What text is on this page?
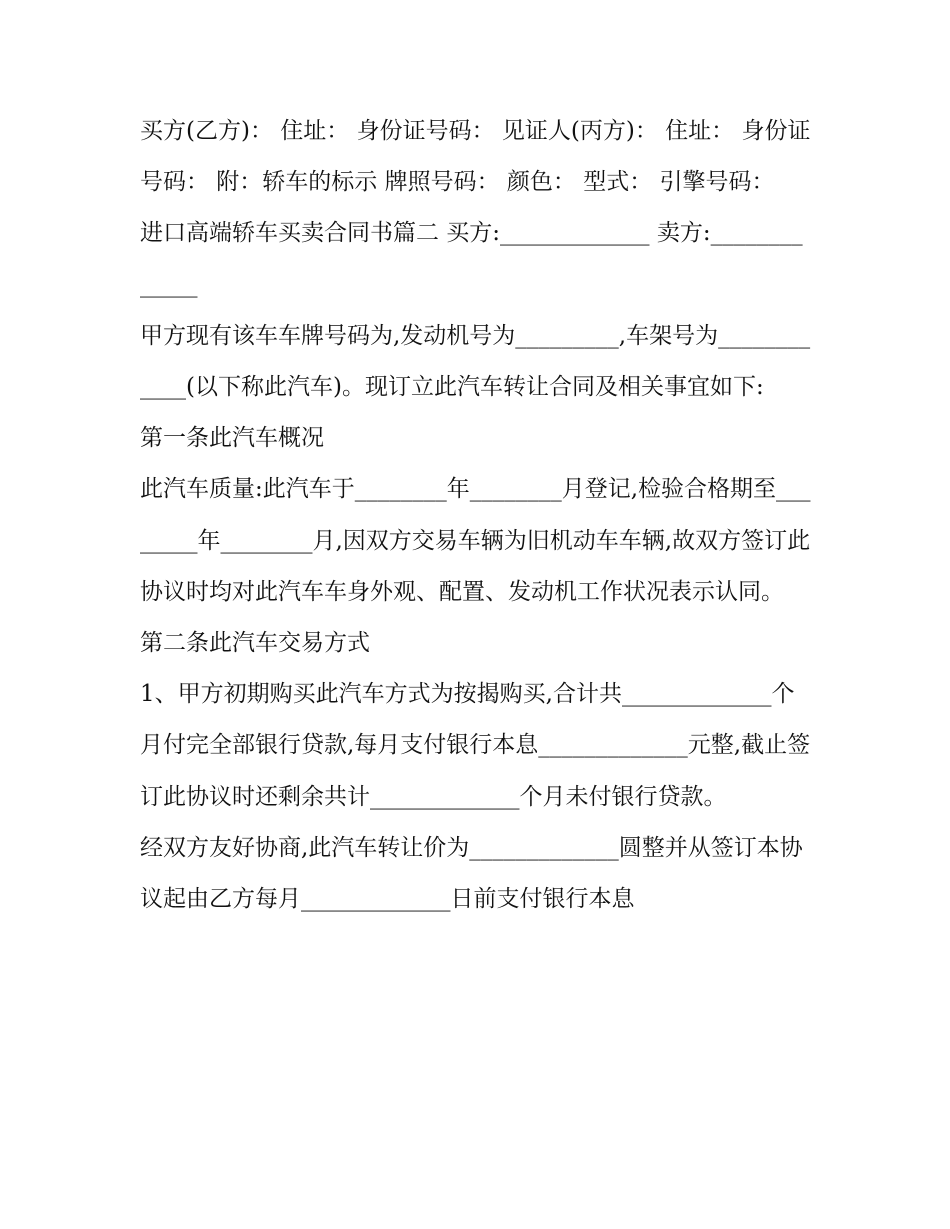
买方(乙方)： 住址： 身份证号码： 见证人(丙方)： 住址： 身份证号码： 附：轿车的标示 牌照号码： 颜色： 型式： 引擎号码：

进口高端轿车买卖合同书篇二 买方:_____________ 卖方:_____________

甲方现有该车车牌号码为,发动机号为_________,车架号为____________(以下称此汽车)。现订立此汽车转让合同及相关事宜如下:

第一条此汽车概况

此汽车质量:此汽车于________年________月登记,检验合格期至________年________月,因双方交易车辆为旧机动车车辆,故双方签订此协议时均对此汽车车身外观、配置、发动机工作状况表示认同。

第二条此汽车交易方式

1、甲方初期购买此汽车方式为按揭购买,合计共_____________个月付完全部银行贷款,每月支付银行本息_____________元整,截止签订此协议时还剩余共计_____________个月未付银行贷款。

经双方友好协商,此汽车转让价为_____________圆整并从签订本协议起由乙方每月_____________日前支付银行本息
